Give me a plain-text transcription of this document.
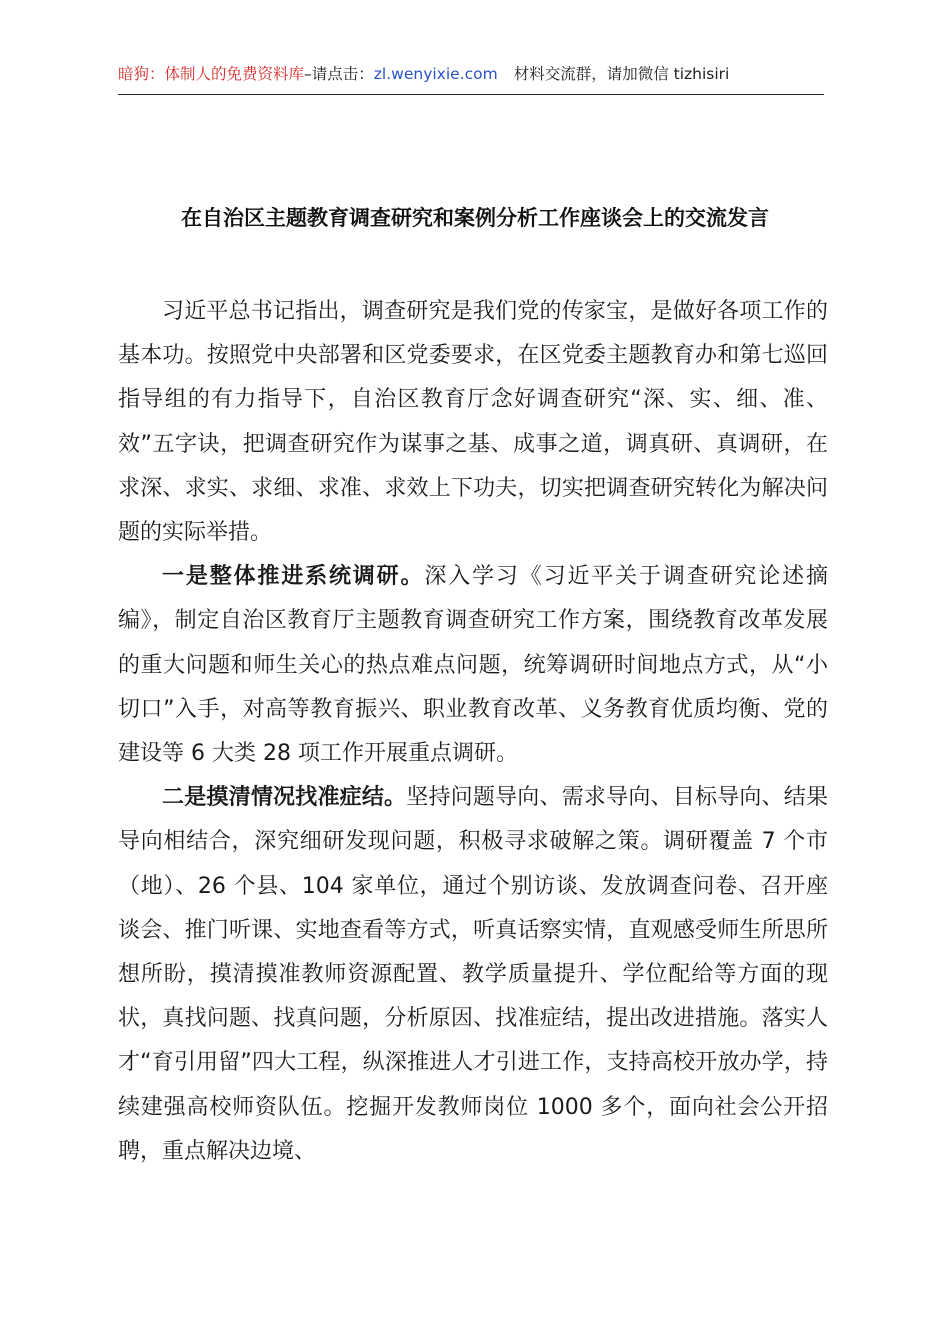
暗狗：体制人的免费资料库–请点击：zl.wenyixie.com 材料交流群，请加微信 tizhisiri
在自治区主题教育调查研究和案例分析工作座谈会上的交流发言

习近平总书记指出，调查研究是我们党的传家宝，是做好各项工作的基本功。按照党中央部署和区党委要求，在区党委主题教育办和第七巡回指导组的有力指导下，自治区教育厅念好调查研究“深、实、细、准、效”五字诀，把调查研究作为谋事之基、成事之道，调真研、真调研，在求深、求实、求细、求准、求效上下功夫，切实把调查研究转化为解决问题的实际举措。

一是整体推进系统调研。深入学习《习近平关于调查研究论述摘编》，制定自治区教育厅主题教育调查研究工作方案，围绕教育改革发展的重大问题和师生关心的热点难点问题，统筹调研时间地点方式，从“小切口”入手，对高等教育振兴、职业教育改革、义务教育优质均衡、党的建设等 6 大类 28 项工作开展重点调研。

二是摸清情况找准症结。坚持问题导向、需求导向、目标导向、结果导向相结合，深究细研发现问题，积极寻求破解之策。调研覆盖 7 个市（地）、26 个县、104 家单位，通过个别访谈、发放调查问卷、召开座谈会、推门听课、实地查看等方式，听真话察实情，直观感受师生所思所想所盼，摸清摸准教师资源配置、教学质量提升、学位配给等方面的现状，真找问题、找真问题，分析原因、找准症结，提出改进措施。落实人才“育引用留”四大工程，纵深推进人才引进工作，支持高校开放办学，持续建强高校师资队伍。挖掘开发教师岗位 1000 多个，面向社会公开招聘，重点解决边境、
